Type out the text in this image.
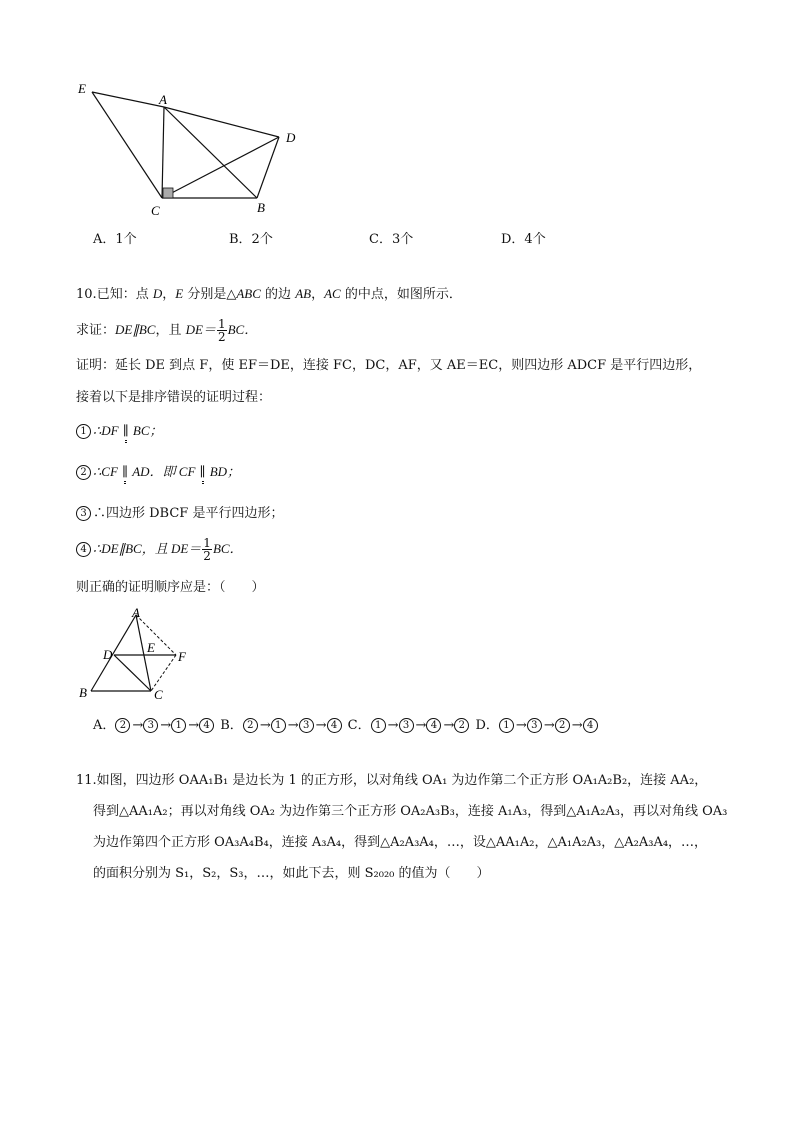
E
A
D
C	B
A．1个	B．2个	C．3个	D．4个
10.已知：点 D，E 分别是△ABC 的边 AB，AC 的中点，如图所示．
求证：DE∥BC，且 $DE= \frac{1}{2}$ BC．
证明：延长 DE 到点 F，使 EF＝DE，连接 FC，DC，AF，又 AE＝EC，则四边形 ADCF 是平行四边形，
接着以下是排序错误的证明过程：
1 ∴DF ∥ BC；
2 ∴CF ∥ AD．即 CF ∥ BD；
3 ∴四边形 DBCF 是平行四边形；
4 ∴DE∥BC，且 $DE= \frac{1}{2}$ BC．
则正确的证明顺序应是：（　　）
A
D	E
F
B	C
A． 2 → 3 → 1 → 4 B． 2 → 1 → 3 → 4 C． 1 → 3 → 4 → 2 D． 1 → 3 → 2 → 4
11.如图，四边形 OAA₁B₁ 是边长为 1 的正方形，以对角线 OA₁ 为边作第二个正方形 OA₁A₂B₂，连接 AA₂，
得到△AA₁A₂；再以对角线 OA₂ 为边作第三个正方形 OA₂A₃B₃，连接 A₁A₃，得到△A₁A₂A₃，再以对角线 OA₃
为边作第四个正方形 OA₃A₄B₄，连接 A₃A₄，得到△A₂A₃A₄，…，设△AA₁A₂，△A₁A₂A₃，△A₂A₃A₄，…，
的面积分别为 S₁，S₂，S₃，…，如此下去，则 S₂₀₂₀ 的值为（　　）
